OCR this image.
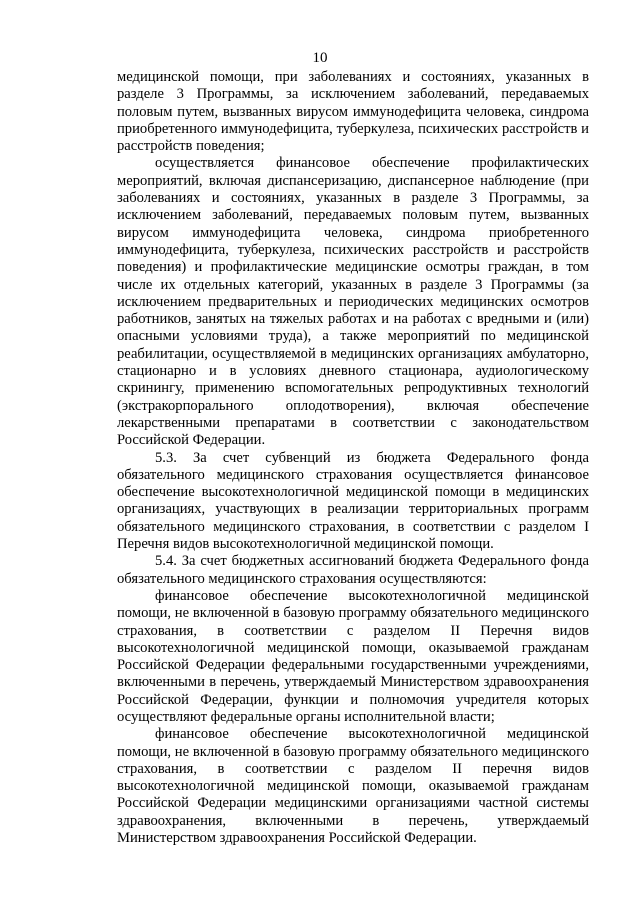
10

медицинской помощи, при заболеваниях и состояниях, указанных в разделе 3 Программы, за исключением заболеваний, передаваемых половым путем, вызванных вирусом иммунодефицита человека, синдрома приобретенного иммунодефицита, туберкулеза, психических расстройств и расстройств поведения;

осуществляется финансовое обеспечение профилактических мероприятий, включая диспансеризацию, диспансерное наблюдение (при заболеваниях и состояниях, указанных в разделе 3 Программы, за исключением заболеваний, передаваемых половым путем, вызванных вирусом иммунодефицита человека, синдрома приобретенного иммунодефицита, туберкулеза, психических расстройств и расстройств поведения) и профилактические медицинские осмотры граждан, в том числе их отдельных категорий, указанных в разделе 3 Программы (за исключением предварительных и периодических медицинских осмотров работников, занятых на тяжелых работах и на работах с вредными и (или) опасными условиями труда), а также мероприятий по медицинской реабилитации, осуществляемой в медицинских организациях амбулаторно, стационарно и в условиях дневного стационара, аудиологическому скринингу, применению вспомогательных репродуктивных технологий (экстракорпорального оплодотворения), включая обеспечение лекарственными препаратами в соответствии с законодательством Российской Федерации.

5.3. За счет субвенций из бюджета Федерального фонда обязательного медицинского страхования осуществляется финансовое обеспечение высокотехнологичной медицинской помощи в медицинских организациях, участвующих в реализации территориальных программ обязательного медицинского страхования, в соответствии с разделом I Перечня видов высокотехнологичной медицинской помощи.

5.4. За счет бюджетных ассигнований бюджета Федерального фонда обязательного медицинского страхования осуществляются:

финансовое обеспечение высокотехнологичной медицинской помощи, не включенной в базовую программу обязательного медицинского страхования, в соответствии с разделом II Перечня видов высокотехнологичной медицинской помощи, оказываемой гражданам Российской Федерации федеральными государственными учреждениями, включенными в перечень, утверждаемый Министерством здравоохранения Российской Федерации, функции и полномочия учредителя которых осуществляют федеральные органы исполнительной власти;

финансовое обеспечение высокотехнологичной медицинской помощи, не включенной в базовую программу обязательного медицинского страхования, в соответствии с разделом II перечня видов высокотехнологичной медицинской помощи, оказываемой гражданам Российской Федерации медицинскими организациями частной системы здравоохранения, включенными в перечень, утверждаемый Министерством здравоохранения Российской Федерации.
